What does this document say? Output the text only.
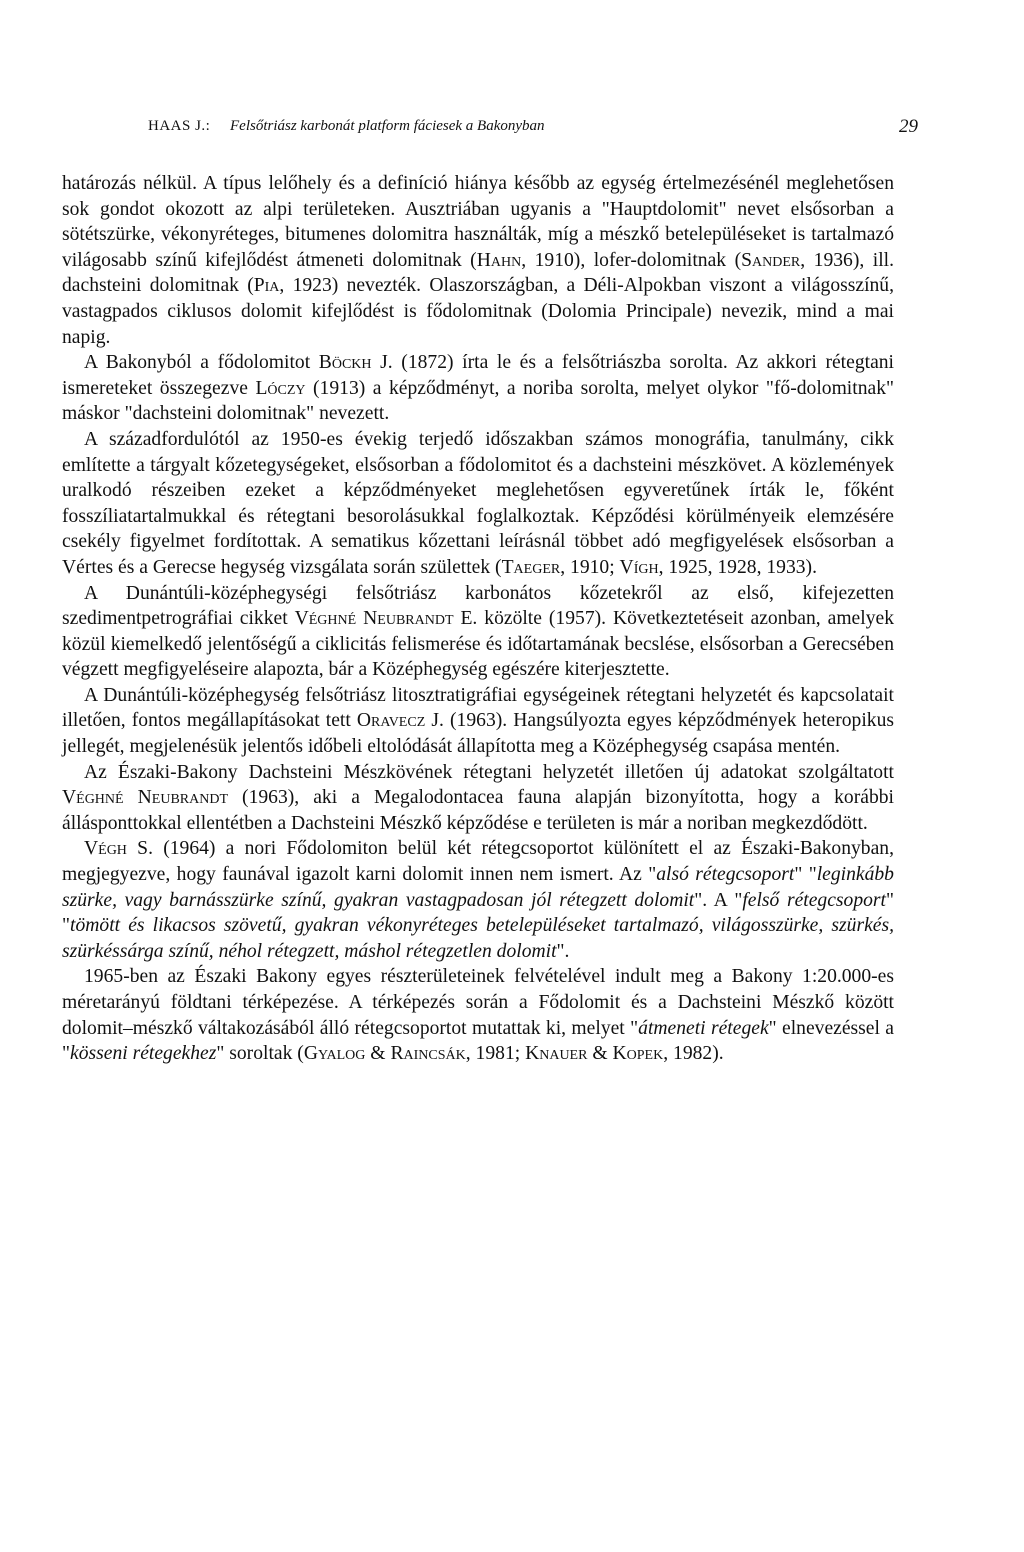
HAAS J.: Felsőtriász karbonát platform fáciesek a Bakonyban	29

határozás nélkül. A típus lelőhely és a definíció hiánya később az egység értelmezésénél meglehetősen sok gondot okozott az alpi területeken. Ausztriában ugyanis a "Hauptdolomit" nevet elsősorban a sötétszürke, vékonyréteges, bitumenes dolomitra használták, míg a mészkő betelepüléseket is tartalmazó világosabb színű kifejlődést átmeneti dolomitnak (Hahn, 1910), lofer-dolomitnak (Sander, 1936), ill. dachsteini dolomitnak (Pia, 1923) nevezték. Olaszországban, a Déli-Alpokban viszont a világosszínű, vastagpados ciklusos dolomit kifejlődést is fődolomitnak (Dolomia Principale) nevezik, mind a mai napig.

A Bakonyból a fődolomitot Böckh J. (1872) írta le és a felsőtriászba sorolta. Az akkori rétegtani ismereteket összegezve Lóczy (1913) a képződményt, a noriba sorolta, melyet olykor "fő-dolomitnak" máskor "dachsteini dolomitnak" nevezett.

A századfordulótól az 1950-es évekig terjedő időszakban számos monográfia, tanulmány, cikk említette a tárgyalt kőzetegységeket, elsősorban a fődolomitot és a dachsteini mészkövet. A közlemények uralkodó részeiben ezeket a képződményeket meglehetősen egyveretűnek írták le, főként fosszíliatartalmukkal és rétegtani besorolásukkal foglalkoztak. Képződési körülményeik elemzésére csekély figyelmet fordítottak. A sematikus kőzettani leírásnál többet adó megfigyelések elsősorban a Vértes és a Gerecse hegység vizsgálata során születtek (Taeger, 1910; Vígh, 1925, 1928, 1933).

A Dunántúli-középhegységi felsőtriász karbonátos kőzetekről az első, kifejezetten szedimentpetrográfiai cikket Véghné Neubrandt E. közölte (1957). Következtetéseit azonban, amelyek közül kiemelkedő jelentőségű a ciklicitás felismerése és időtartamának becslése, elsősorban a Gerecsében végzett megfigyeléseire alapozta, bár a Középhegység egészére kiterjesztette.

A Dunántúli-középhegység felsőtriász litosztratigráfiai egységeinek rétegtani helyzetét és kapcsolatait illetően, fontos megállapításokat tett Oravecz J. (1963). Hangsúlyozta egyes képződmények heteropikus jellegét, megjelenésük jelentős időbeli eltolódását állapította meg a Középhegység csapása mentén.

Az Északi-Bakony Dachsteini Mészkövének rétegtani helyzetét illetően új adatokat szolgáltatott Véghné Neubrandt (1963), aki a Megalodontacea fauna alapján bizonyította, hogy a korábbi állásponttokkal ellentétben a Dachsteini Mészkő képződése e területen is már a noriban megkezdődött.

Végh S. (1964) a nori Fődolomiton belül két rétegcsoportot különített el az Északi-Bakonyban, megjegyezve, hogy faunával igazolt karni dolomit innen nem ismert. Az "alsó rétegcsoport" "leginkább szürke, vagy barnásszürke színű, gyakran vastagpadosan jól rétegzett dolomit". A "felső rétegcsoport" "tömött és likacsos szövetű, gyakran vékonyréteges betelepüléseket tartalmazó, világosszürke, szürkés, szürkéssárga színű, néhol rétegzett, máshol rétegzetlen dolomit".

1965-ben az Északi Bakony egyes részterületeinek felvételével indult meg a Bakony 1:20.000-es méretarányú földtani térképezése. A térképezés során a Fődolomit és a Dachsteini Mészkő között dolomit–mészkő váltakozásából álló rétegcsoportot mutattak ki, melyet "átmeneti rétegek" elnevezéssel a "kösseni rétegekhez" soroltak (Gyalog & Raincsák, 1981; Knauer & Kopek, 1982).
